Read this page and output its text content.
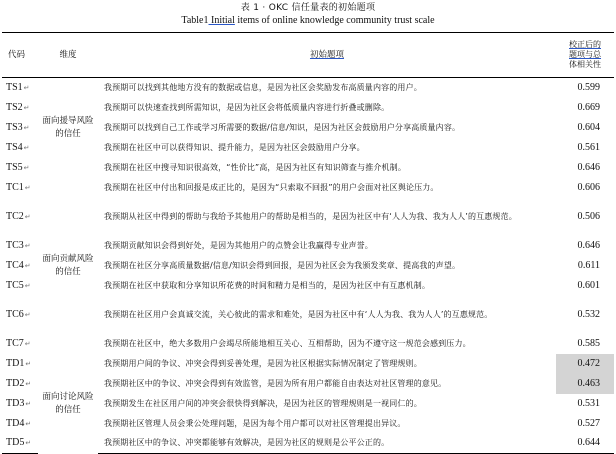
表 1 · OKC 信任量表的初始题项
Table1 Initial items of online knowledge community trust scale
代码	维度	初始题项	校正后的
题项与总
体相关性
TS1↵	面向援导风险的信任	我预期可以找到其他地方没有的数据或信息，是因为社区会奖励发布高质量内容的用户。	0.599
TS2↵		我预期可以快速查找到所需知识，是因为社区会将低质量内容进行折叠或删除。	0.669
TS3↵		我预期可以找到自己工作或学习所需要的数据/信息/知识，是因为社区会鼓励用户分享高质量内容。	0.604
TS4↵		我预期在社区中可以获得知识、提升能力，是因为社区会鼓励用户分享。	0.561
TS5↵		我预期在社区中搜寻知识很高效，“性价比”高，是因为社区有知识筛查与推介机制。	0.646
TC1↵	面向贡献风险的信任	我预期在社区中付出和回报是成正比的，是因为“只索取不回报”的用户会面对社区舆论压力。	0.606
TC2↵		我预期从社区中得到的帮助与我给予其他用户的帮助是相当的，是因为社区中有‘人人为我、我为人人’的互惠规范。	0.506
TC3↵		我预期贡献知识会得到好处，是因为其他用户的点赞会让我赢得专业声誉。	0.646
TC4↵		我预期在社区分享高质量数据/信息/知识会得到回报，是因为社区会为我颁发奖章、提高我的声望。	0.611
TC5↵		我预期在社区中获取和分享知识所花费的时间和精力是相当的，是因为社区中有互惠机制。	0.601
TC6↵		我预期在社区用户会真诚交流，关心彼此的需求和难处，是因为社区中有‘人人为我、我为人人’的互惠规范。	0.532
TC7↵		我预期在社区中，绝大多数用户会竭尽所能地相互关心、互相帮助，因为不遵守这一规范会感到压力。	0.585
TD1↵	面向讨论风险的信任	我预期用户间的争议、冲突会得到妥善处理，是因为社区根据实际情况制定了管理规则。	0.472
TD2↵		我预期社区中的争议、冲突会得到有效监管，是因为所有用户都能自由表达对社区管理的意见。	0.463
TD3↵		我预期发生在社区用户间的冲突会很快得到解决，是因为社区的管理规则是一视同仁的。	0.531
TD4↵		我预期社区管理人员会秉公处理问题，是因为每个用户都可以对社区管理提出异议。	0.527
TD5↵		我预期社区中的争议、冲突都能够有效解决，是因为社区的规则是公平公正的。	0.644
